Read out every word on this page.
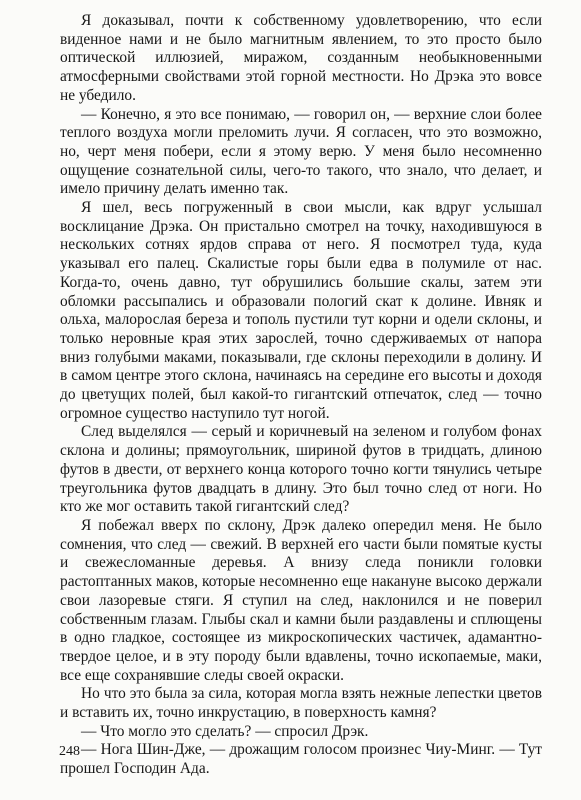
Я доказывал, почти к собственному удовлетворению, что если виденное нами и не было магнитным явлением, то это просто было оптической иллюзией, миражом, созданным необыкновенными атмосферными свойствами этой горной местности. Но Дрэка это вовсе не убедило.

— Конечно, я это все понимаю, — говорил он, — верхние слои более теплого воздуха могли преломить лучи. Я согласен, что это возможно, но, черт меня побери, если я этому верю. У меня было несомненно ощущение сознательной силы, чего-то такого, что знало, что делает, и имело причину делать именно так.

Я шел, весь погруженный в свои мысли, как вдруг услышал восклицание Дрэка. Он пристально смотрел на точку, находившуюся в нескольких сотнях ярдов справа от него. Я посмотрел туда, куда указывал его палец. Скалистые горы были едва в полумиле от нас. Когда-то, очень давно, тут обрушились большие скалы, затем эти обломки рассыпались и образовали пологий скат к долине. Ивняк и ольха, малорослая береза и тополь пустили тут корни и одели склоны, и только неровные края этих зарослей, точно сдерживаемых от напора вниз голубыми маками, показывали, где склоны переходили в долину. И в самом центре этого склона, начинаясь на середине его высоты и доходя до цветущих полей, был какой-то гигантский отпечаток, след — точно огромное существо наступило тут ногой.

След выделялся — серый и коричневый на зеленом и голубом фонах склона и долины; прямоугольник, шириной футов в тридцать, длиною футов в двести, от верхнего конца которого точно когти тянулись четыре треугольника футов двадцать в длину. Это был точно след от ноги. Но кто же мог оставить такой гигантский след?

Я побежал вверх по склону, Дрэк далеко опередил меня. Не было сомнения, что след — свежий. В верхней его части были помятые кусты и свежесломанные деревья. А внизу следа поникли головки растоптанных маков, которые несомненно еще накануне высоко держали свои лазоревые стяги. Я ступил на след, наклонился и не поверил собственным глазам. Глыбы скал и камни были раздавлены и сплющены в одно гладкое, состоящее из микроскопических частичек, адамантно-твердое целое, и в эту породу были вдавлены, точно ископаемые, маки, все еще сохранявшие следы своей окраски.

Но что это была за сила, которая могла взять нежные лепестки цветов и вставить их, точно инкрустацию, в поверхность камня?

— Что могло это сделать? — спросил Дрэк.

— Нога Шин-Дже, — дрожащим голосом произнес Чиу-Минг. — Тут прошел Господин Ада.

248
